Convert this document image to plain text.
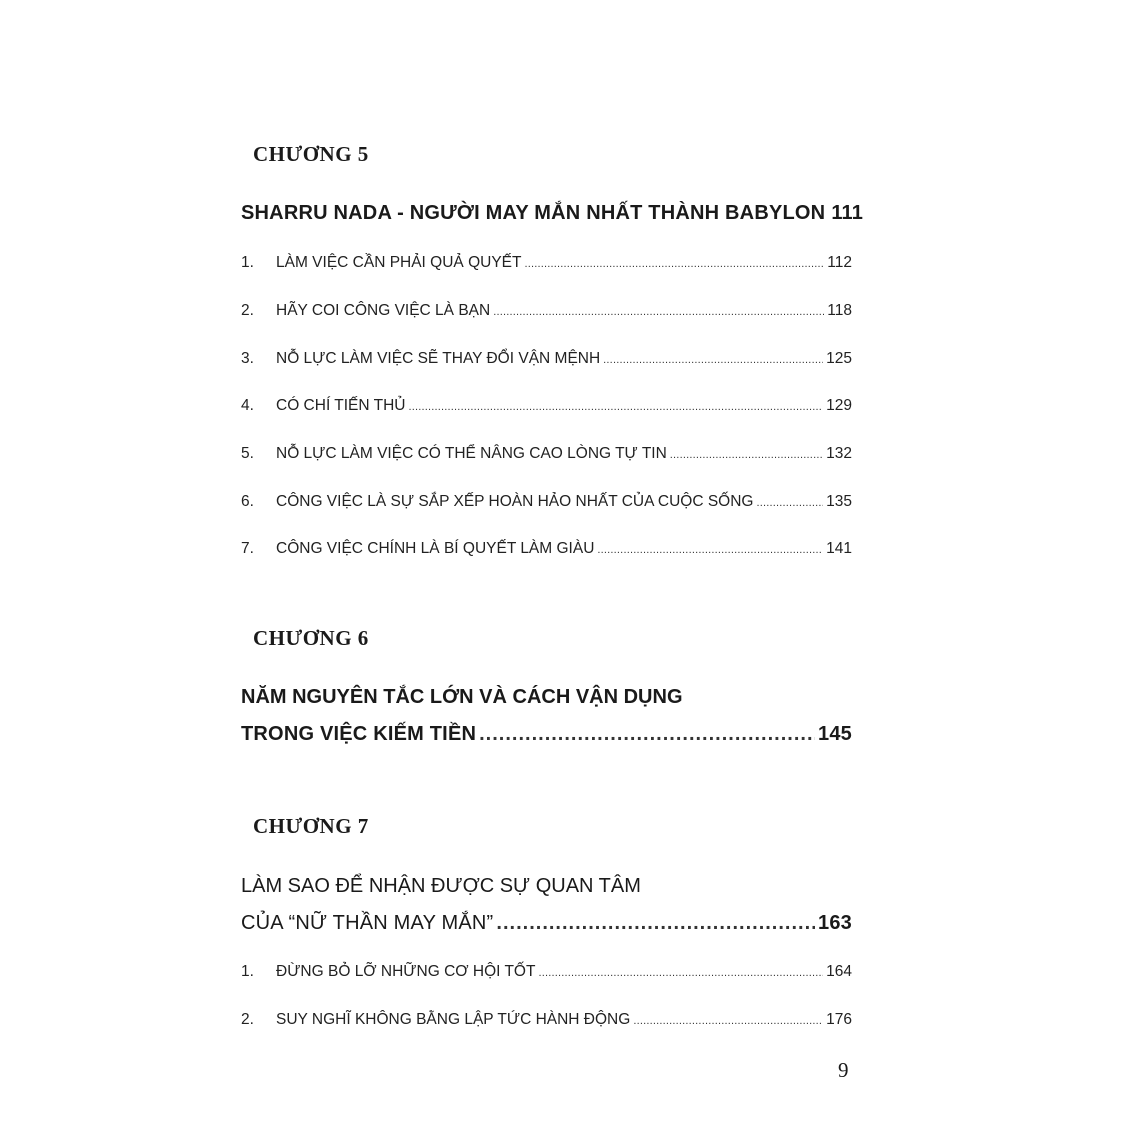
CHƯƠNG 5
SHARRU NADA - NGƯỜI MAY MẮN NHẤT THÀNH BABYLON 111
1.	LÀM VIỆC CẦN PHẢI QUẢ QUYẾT .....	112
2.	HÃY COI CÔNG VIỆC LÀ BẠN .....	118
3.	NỖ LỰC LÀM VIỆC SẼ THAY ĐỔI VẬN MỆNH .....	125
4.	CÓ CHÍ TIẾN THỦ .....	129
5.	NỖ LỰC LÀM VIỆC CÓ THỂ NÂNG CAO LÒNG TỰ TIN .....	132
6.	CÔNG VIỆC LÀ SỰ SẮP XẾP HOÀN HẢO NHẤT CỦA CUỘC SỐNG .....	135
7.	CÔNG VIỆC CHÍNH LÀ BÍ QUYẾT LÀM GIÀU .....	141
CHƯƠNG 6
NĂM NGUYÊN TẮC LỚN VÀ CÁCH VẬN DỤNG
TRONG VIỆC KIẾM TIỀN .....	145
CHƯƠNG 7
LÀM SAO ĐỂ NHẬN ĐƯỢC SỰ QUAN TÂM
CỦA “NỮ THẦN MAY MẮN” .....	163
1.	ĐỪNG BỎ LỠ NHỮNG CƠ HỘI TỐT .....	164
2.	SUY NGHĨ KHÔNG BẰNG LẬP TỨC HÀNH ĐỘNG .....	176
9
